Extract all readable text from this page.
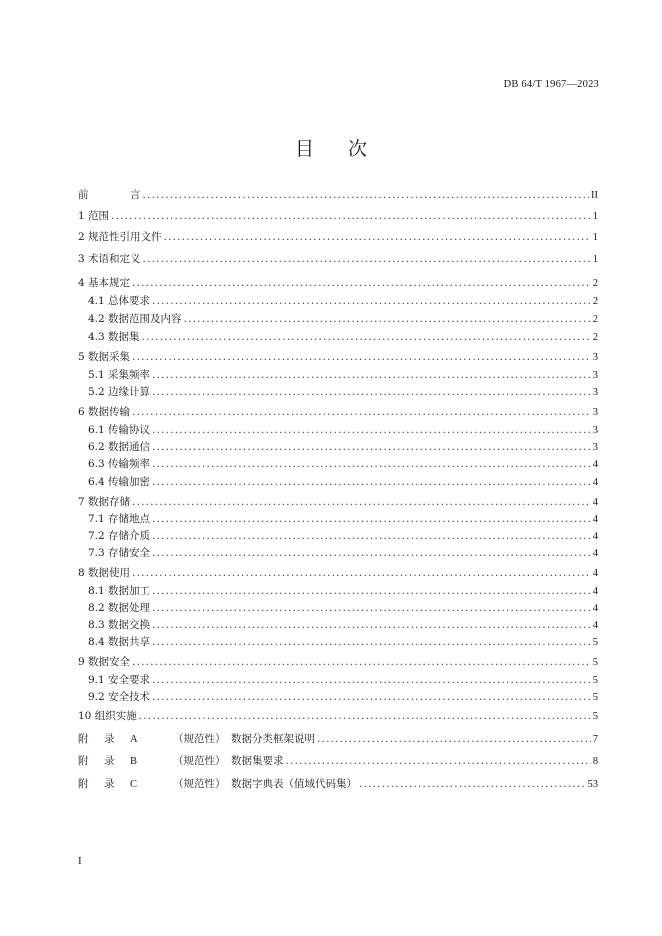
DB 64/T 1967—2023
目次
前	言 .....	II
1 范围 .....	1
2 规范性引用文件 .....	1
3 术语和定义 .....	1
4 基本规定 .....	2
4.1 总体要求 .....	2
4.2 数据范围及内容 .....	2
4.3 数据集 .....	2
5 数据采集 .....	3
5.1 采集频率 .....	3
5.2 边缘计算 .....	3
6 数据传输 .....	3
6.1 传输协议 .....	3
6.2 数据通信 .....	3
6.3 传输频率 .....	4
6.4 传输加密 .....	4
7 数据存储 .....	4
7.1 存储地点 .....	4
7.2 存储介质 .....	4
7.3 存储安全 .....	4
8 数据使用 .....	4
8.1 数据加工 .....	4
8.2 数据处理 .....	4
8.3 数据交换 .....	4
8.4 数据共享 .....	5
9 数据安全 .....	5
9.1 安全要求 .....	5
9.2 安全技术 .....	5
10 组织实施 .....	5
附 录 A	（规范性） 数据分类框架说明 .....	7
附 录 B	（规范性） 数据集要求 .....	8
附 录 C	（规范性） 数据字典表（值域代码集） .....	53
I
